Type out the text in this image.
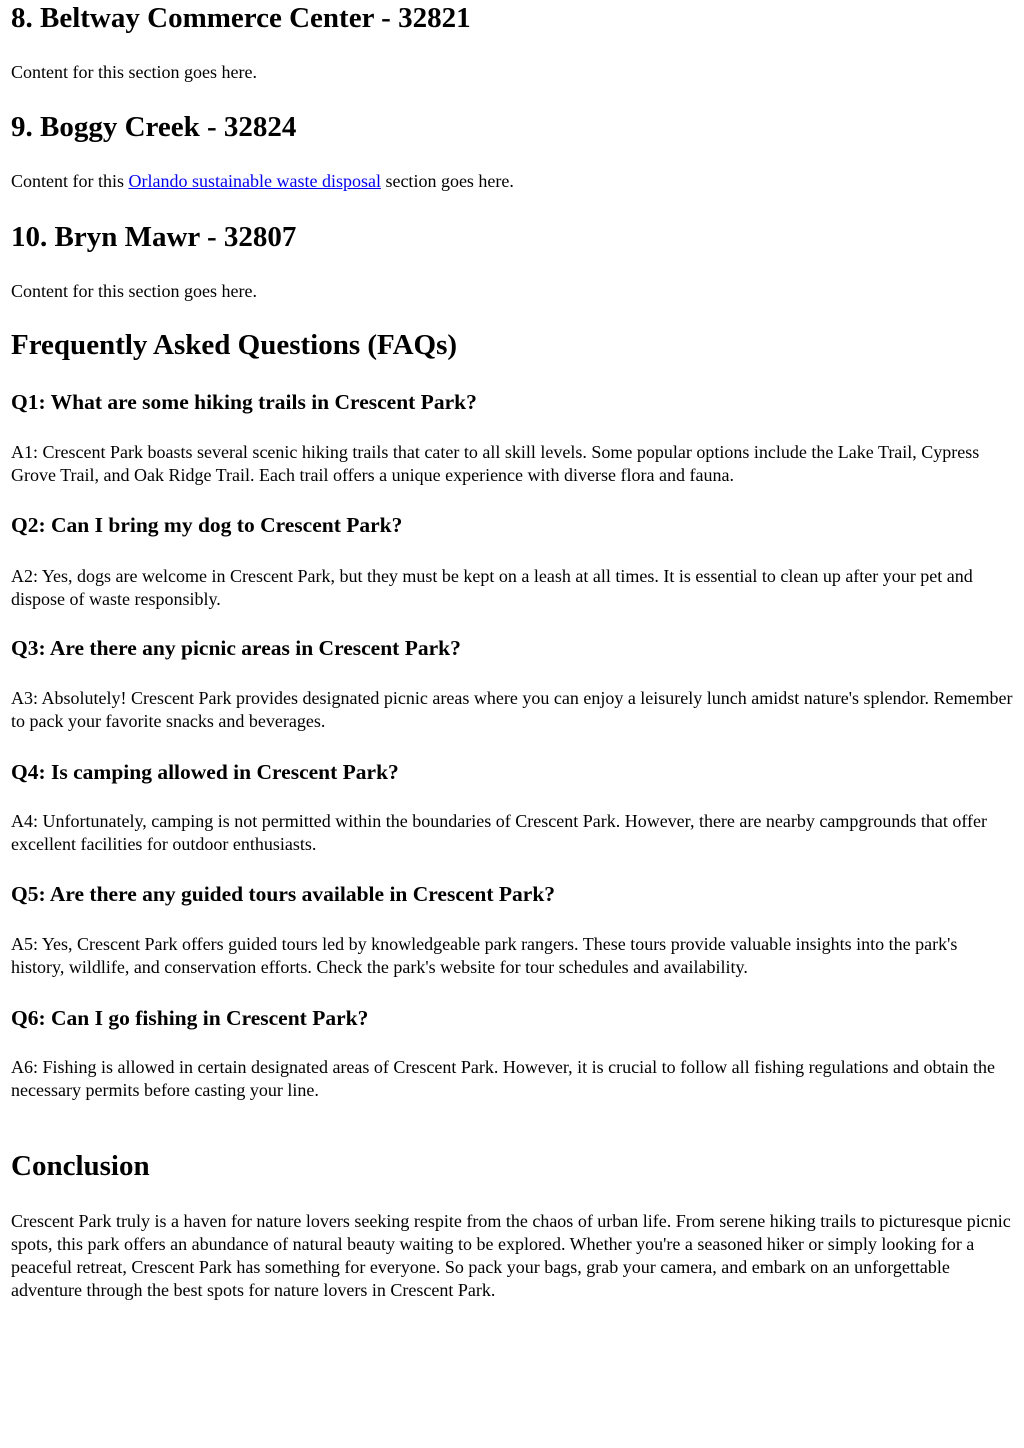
8. Beltway Commerce Center - 32821

Content for this section goes here.

9. Boggy Creek - 32824

Content for this Orlando sustainable waste disposal section goes here.

10. Bryn Mawr - 32807

Content for this section goes here.

Frequently Asked Questions (FAQs)
Q1: What are some hiking trails in Crescent Park?

A1: Crescent Park boasts several scenic hiking trails that cater to all skill levels. Some popular options include the Lake Trail, Cypress Grove Trail, and Oak Ridge Trail. Each trail offers a unique experience with diverse flora and fauna.

Q2: Can I bring my dog to Crescent Park?

A2: Yes, dogs are welcome in Crescent Park, but they must be kept on a leash at all times. It is essential to clean up after your pet and dispose of waste responsibly.

Q3: Are there any picnic areas in Crescent Park?

A3: Absolutely! Crescent Park provides designated picnic areas where you can enjoy a leisurely lunch amidst nature's splendor. Remember to pack your favorite snacks and beverages.

Q4: Is camping allowed in Crescent Park?

A4: Unfortunately, camping is not permitted within the boundaries of Crescent Park. However, there are nearby campgrounds that offer excellent facilities for outdoor enthusiasts.

Q5: Are there any guided tours available in Crescent Park?

A5: Yes, Crescent Park offers guided tours led by knowledgeable park rangers. These tours provide valuable insights into the park's history, wildlife, and conservation efforts. Check the park's website for tour schedules and availability.

Q6: Can I go fishing in Crescent Park?

A6: Fishing is allowed in certain designated areas of Crescent Park. However, it is crucial to follow all fishing regulations and obtain the necessary permits before casting your line.

Conclusion

Crescent Park truly is a haven for nature lovers seeking respite from the chaos of urban life. From serene hiking trails to picturesque picnic spots, this park offers an abundance of natural beauty waiting to be explored. Whether you're a seasoned hiker or simply looking for a peaceful retreat, Crescent Park has something for everyone. So pack your bags, grab your camera, and embark on an unforgettable adventure through the best spots for nature lovers in Crescent Park.
